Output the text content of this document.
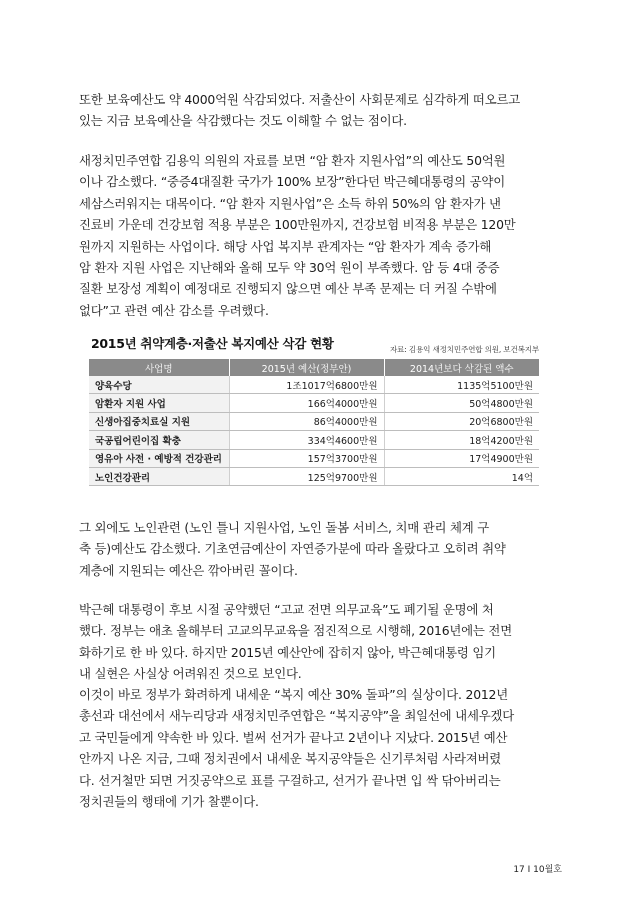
또한 보육예산도 약 4000억원 삭감되었다. 저출산이 사회문제로 심각하게 떠오르고
있는 지금 보육예산을 삭감했다는 것도 이해할 수 없는 점이다.
새정치민주연합 김용익 의원의 자료를 보면 “암 환자 지원사업”의 예산도 50억원
이나 감소했다. “중증4대질환 국가가 100% 보장”한다던 박근혜대통령의 공약이
세삼스러워지는 대목이다. “암 환자 지원사업”은 소득 하위 50%의 암 환자가 낸
진료비 가운데 건강보험 적용 부분은 100만원까지, 건강보험 비적용 부분은 120만
원까지 지원하는 사업이다. 해당 사업 복지부 관계자는 “암 환자가 계속 증가해
암 환자 지원 사업은 지난해와 올해 모두 약 30억 원이 부족했다. 암 등 4대 중증
질환 보장성 계획이 예정대로 진행되지 않으면 예산 부족 문제는 더 커질 수밖에
없다”고 관련 예산 감소를 우려했다.
2015년 취약계층·저출산 복지예산 삭감 현황	자료: 김용익 새정치민주연합 의원, 보건복지부
사업명	2015년 예산(정부안)	2014년보다 삭감된 액수
양육수당	1조1017억6800만원	1135억5100만원
암환자 지원 사업	166억4000만원	50억4800만원
신생아집중치료실 지원	86억4000만원	20억6800만원
국공립어린이집 확충	334억4600만원	18억4200만원
영유아 사전 · 예방적 건강관리	157억3700만원	17억4900만원
노인건강관리	125억9700만원	14억
그 외에도 노인관련 (노인 틀니 지원사업, 노인 돌봄 서비스, 치매 관리 체계 구
축 등)예산도 감소했다. 기초연금예산이 자연증가분에 따라 올랐다고 오히려 취약
계층에 지원되는 예산은 깎아버린 꼴이다.
박근혜 대통령이 후보 시절 공약했던 “고교 전면 의무교육”도 폐기될 운명에 처
했다. 정부는 애초 올해부터 고교의무교육을 점진적으로 시행해, 2016년에는 전면
화하기로 한 바 있다. 하지만 2015년 예산안에 잡히지 않아, 박근혜대통령 임기
내 실현은 사실상 어려워진 것으로 보인다.
이것이 바로 정부가 화려하게 내세운 “복지 예산 30% 돌파”의 실상이다. 2012년
총선과 대선에서 새누리당과 새정치민주연합은 “복지공약”을 최일선에 내세우겠다
고 국민들에게 약속한 바 있다. 벌써 선거가 끝나고 2년이나 지났다. 2015년 예산
안까지 나온 지금, 그때 정치권에서 내세운 복지공약들은 신기루처럼 사라져버렸
다. 선거철만 되면 거짓공약으로 표를 구걸하고, 선거가 끝나면 입 싹 닦아버리는
정치권들의 행태에 기가 찰뿐이다.
17 I 10월호
